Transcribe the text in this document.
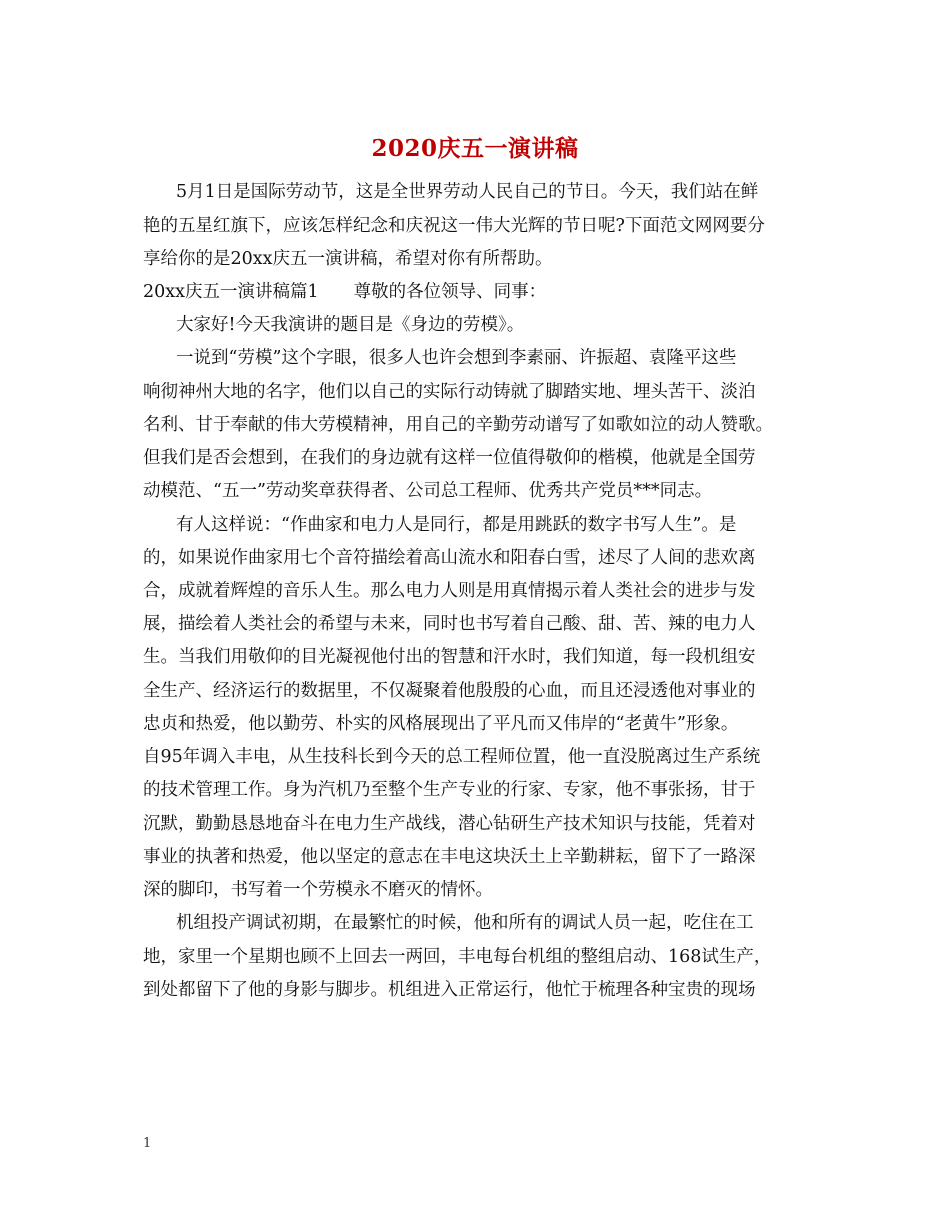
2020庆五一演讲稿
5月1日是国际劳动节，这是全世界劳动人民自己的节日。今天，我们站在鲜
艳的五星红旗下，应该怎样纪念和庆祝这一伟大光辉的节日呢?下面范文网网要分
享给你的是20xx庆五一演讲稿，希望对你有所帮助。
20xx庆五一演讲稿篇1　　尊敬的各位领导、同事：
大家好!今天我演讲的题目是《身边的劳模》。
一说到“劳模”这个字眼，很多人也许会想到李素丽、许振超、袁隆平这些
响彻神州大地的名字，他们以自己的实际行动铸就了脚踏实地、埋头苦干、淡泊
名利、甘于奉献的伟大劳模精神，用自己的辛勤劳动谱写了如歌如泣的动人赞歌。
但我们是否会想到，在我们的身边就有这样一位值得敬仰的楷模，他就是全国劳
动模范、“五一”劳动奖章获得者、公司总工程师、优秀共产党员***同志。
有人这样说：“作曲家和电力人是同行，都是用跳跃的数字书写人生”。是
的，如果说作曲家用七个音符描绘着高山流水和阳春白雪，述尽了人间的悲欢离
合，成就着辉煌的音乐人生。那么电力人则是用真情揭示着人类社会的进步与发
展，描绘着人类社会的希望与未来，同时也书写着自己酸、甜、苦、辣的电力人
生。当我们用敬仰的目光凝视他付出的智慧和汗水时，我们知道，每一段机组安
全生产、经济运行的数据里，不仅凝聚着他殷殷的心血，而且还浸透他对事业的
忠贞和热爱，他以勤劳、朴实的风格展现出了平凡而又伟岸的“老黄牛”形象。
自95年调入丰电，从生技科长到今天的总工程师位置，他一直没脱离过生产系统
的技术管理工作。身为汽机乃至整个生产专业的行家、专家，他不事张扬，甘于
沉默，勤勤恳恳地奋斗在电力生产战线，潜心钻研生产技术知识与技能，凭着对
事业的执著和热爱，他以坚定的意志在丰电这块沃土上辛勤耕耘，留下了一路深
深的脚印，书写着一个劳模永不磨灭的情怀。
机组投产调试初期，在最繁忙的时候，他和所有的调试人员一起，吃住在工
地，家里一个星期也顾不上回去一两回，丰电每台机组的整组启动、168试生产，
到处都留下了他的身影与脚步。机组进入正常运行，他忙于梳理各种宝贵的现场
1
